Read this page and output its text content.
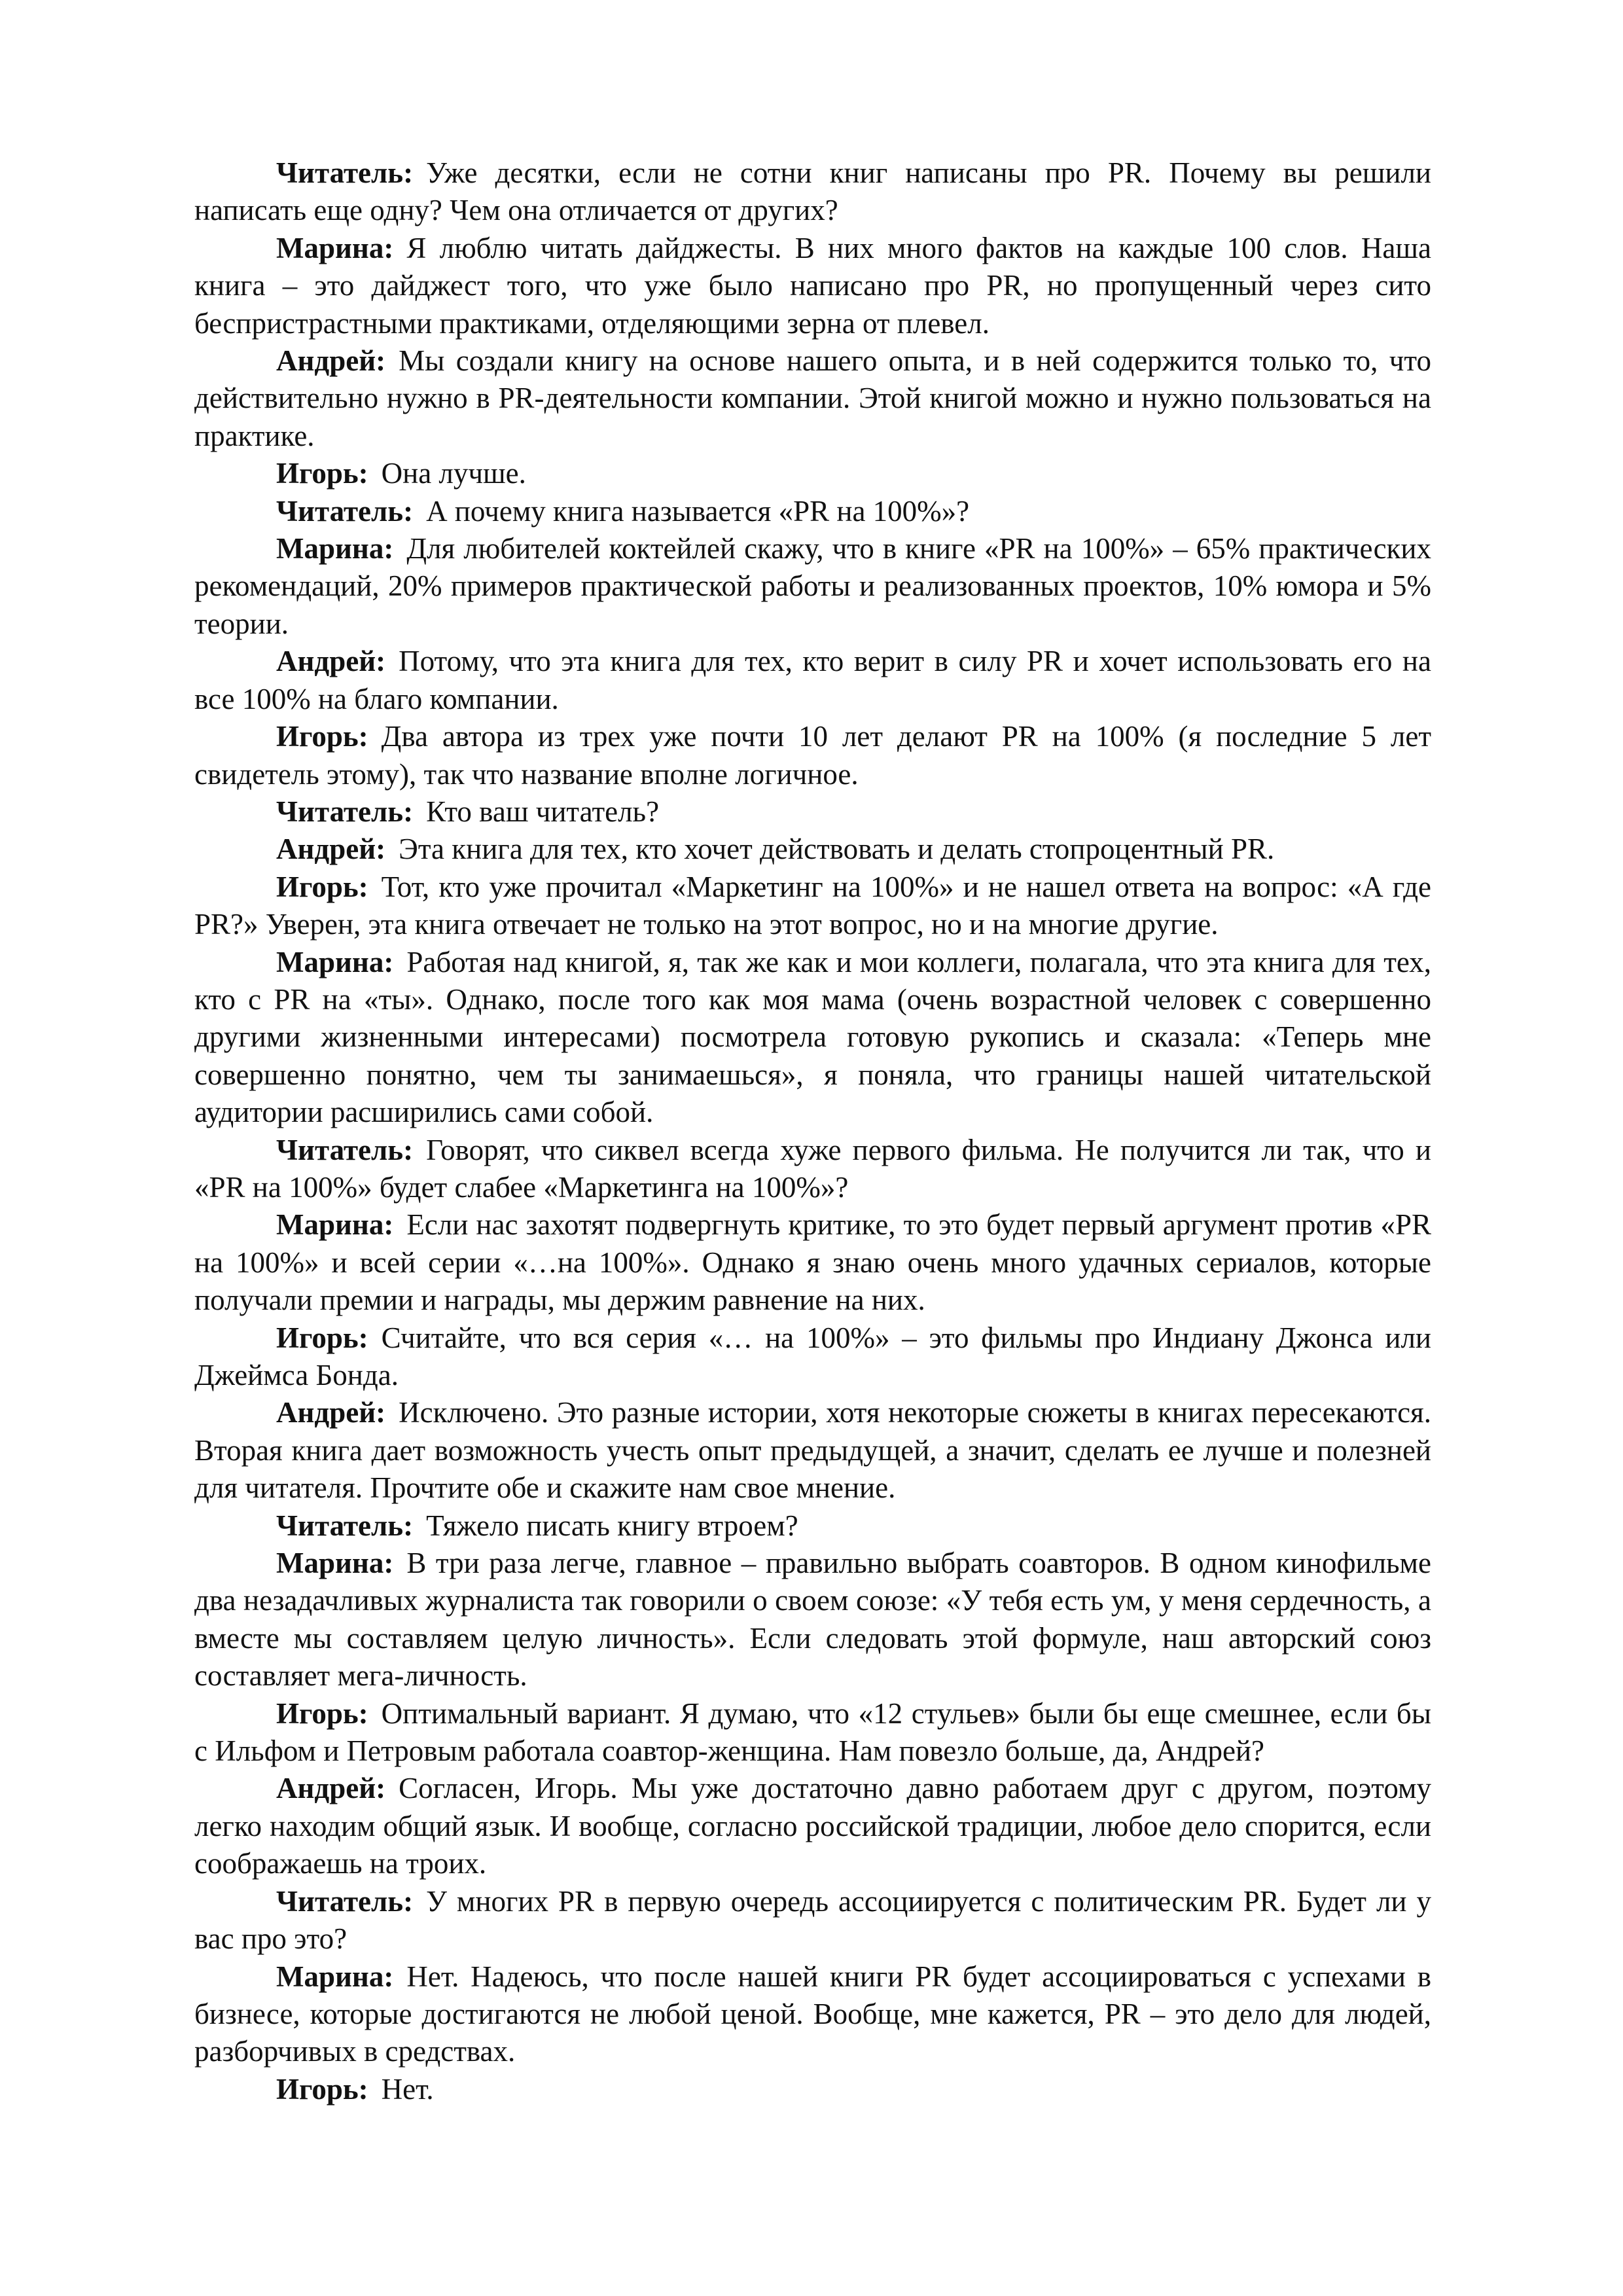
Читатель: Уже десятки, если не сотни книг написаны про PR. Почему вы решили написать еще одну? Чем она отличается от других?

Марина: Я люблю читать дайджесты. В них много фактов на каждые 100 слов. Наша книга – это дайджест того, что уже было написано про PR, но пропущенный через сито беспристрастными практиками, отделяющими зерна от плевел.

Андрей: Мы создали книгу на основе нашего опыта, и в ней содержится только то, что действительно нужно в PR-деятельности компании. Этой книгой можно и нужно пользоваться на практике.

Игорь: Она лучше.

Читатель: А почему книга называется «PR на 100%»?

Марина: Для любителей коктейлей скажу, что в книге «PR на 100%» – 65% практических рекомендаций, 20% примеров практической работы и реализованных проектов, 10% юмора и 5% теории.

Андрей: Потому, что эта книга для тех, кто верит в силу PR и хочет использовать его на все 100% на благо компании.

Игорь: Два автора из трех уже почти 10 лет делают PR на 100% (я последние 5 лет свидетель этому), так что название вполне логичное.

Читатель: Кто ваш читатель?

Андрей: Эта книга для тех, кто хочет действовать и делать стопроцентный PR.

Игорь: Тот, кто уже прочитал «Маркетинг на 100%» и не нашел ответа на вопрос: «А где PR?» Уверен, эта книга отвечает не только на этот вопрос, но и на многие другие.

Марина: Работая над книгой, я, так же как и мои коллеги, полагала, что эта книга для тех, кто с PR на «ты». Однако, после того как моя мама (очень возрастной человек с совершенно другими жизненными интересами) посмотрела готовую рукопись и сказала: «Теперь мне совершенно понятно, чем ты занимаешься», я поняла, что границы нашей читательской аудитории расширились сами собой.

Читатель: Говорят, что сиквел всегда хуже первого фильма. Не получится ли так, что и «PR на 100%» будет слабее «Маркетинга на 100%»?

Марина: Если нас захотят подвергнуть критике, то это будет первый аргумент против «PR на 100%» и всей серии «…на 100%». Однако я знаю очень много удачных сериалов, которые получали премии и награды, мы держим равнение на них.

Игорь: Считайте, что вся серия «… на 100%» – это фильмы про Индиану Джонса или Джеймса Бонда.

Андрей: Исключено. Это разные истории, хотя некоторые сюжеты в книгах пересекаются. Вторая книга дает возможность учесть опыт предыдущей, а значит, сделать ее лучше и полезней для читателя. Прочтите обе и скажите нам свое мнение.

Читатель: Тяжело писать книгу втроем?

Марина: В три раза легче, главное – правильно выбрать соавторов. В одном кинофильме два незадачливых журналиста так говорили о своем союзе: «У тебя есть ум, у меня сердечность, а вместе мы составляем целую личность». Если следовать этой формуле, наш авторский союз составляет мега-личность.

Игорь: Оптимальный вариант. Я думаю, что «12 стульев» были бы еще смешнее, если бы с Ильфом и Петровым работала соавтор-женщина. Нам повезло больше, да, Андрей?

Андрей: Согласен, Игорь. Мы уже достаточно давно работаем друг с другом, поэтому легко находим общий язык. И вообще, согласно российской традиции, любое дело спорится, если соображаешь на троих.

Читатель: У многих PR в первую очередь ассоциируется с политическим PR. Будет ли у вас про это?

Марина: Нет. Надеюсь, что после нашей книги PR будет ассоциироваться с успехами в бизнесе, которые достигаются не любой ценой. Вообще, мне кажется, PR – это дело для людей, разборчивых в средствах.

Игорь: Нет.
